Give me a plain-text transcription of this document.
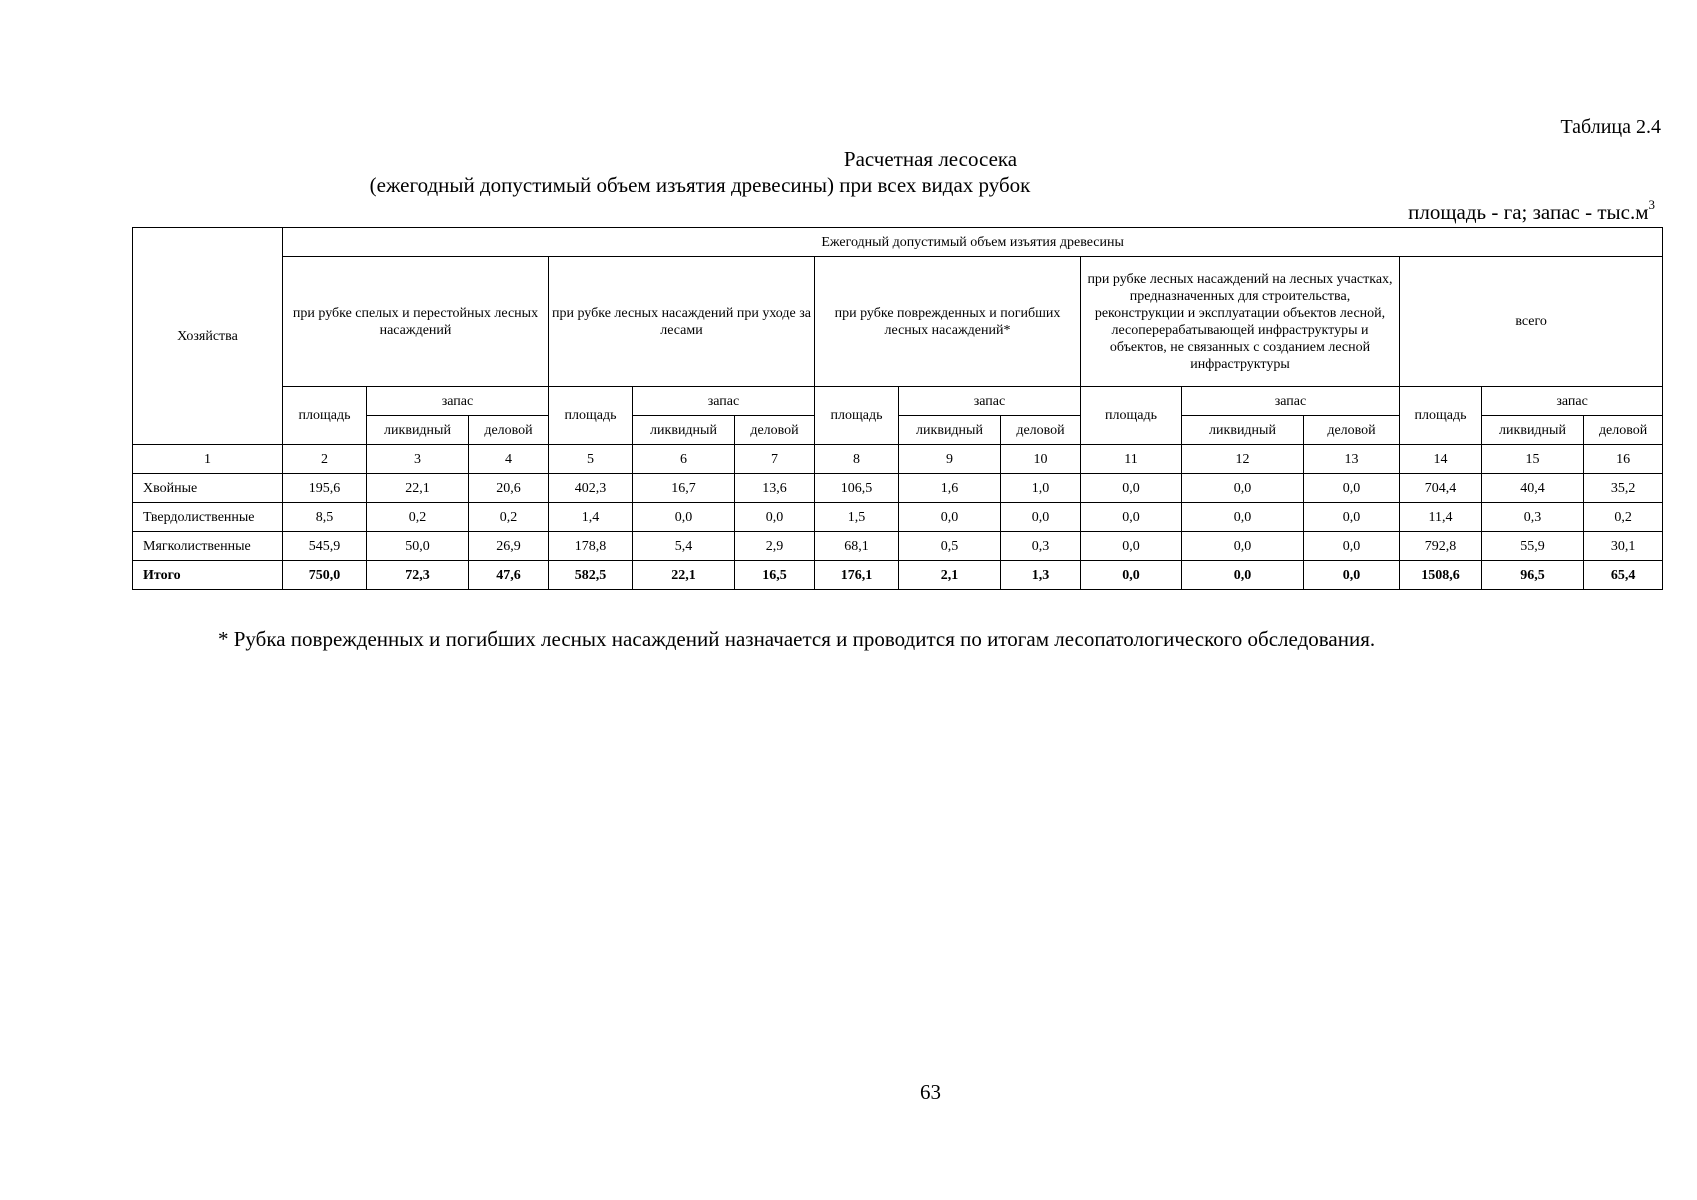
Таблица 2.4
Расчетная лесосека
(ежегодный допустимый объем изъятия древесины) при всех видах рубок
площадь - га; запас - $тыс.м^3$
Хозяйства	Ежегодный допустимый объем изъятия древесины														
	при рубке спелых и перестойных лесных насаждений			при рубке лесных насаждений при уходе за лесами			при рубке поврежденных и погибших лесных насаждений*			при рубке лесных насаждений на лесных участках, предназначенных для строительства, реконструкции и эксплуатации объектов лесной, лесоперерабатывающей инфраструктуры и объектов, не связанных с созданием лесной инфраструктуры			всего		
	площадь	запас		площадь	запас		площадь	запас		площадь	запас		площадь	запас	
		ликвидный	деловой		ликвидный	деловой		ликвидный	деловой		ликвидный	деловой		ликвидный	деловой
1	2	3	4	5	6	7	8	9	10	11	12	13	14	15	16
Хвойные	195,6	22,1	20,6	402,3	16,7	13,6	106,5	1,6	1,0	0,0	0,0	0,0	704,4	40,4	35,2
Твердолиственные	8,5	0,2	0,2	1,4	0,0	0,0	1,5	0,0	0,0	0,0	0,0	0,0	11,4	0,3	0,2
Мягколиственные	545,9	50,0	26,9	178,8	5,4	2,9	68,1	0,5	0,3	0,0	0,0	0,0	792,8	55,9	30,1
Итого	750,0	72,3	47,6	582,5	22,1	16,5	176,1	2,1	1,3	0,0	0,0	0,0	1508,6	96,5	65,4
* Рубка поврежденных и погибших лесных насаждений назначается и проводится по итогам лесопатологического обследования.
63
